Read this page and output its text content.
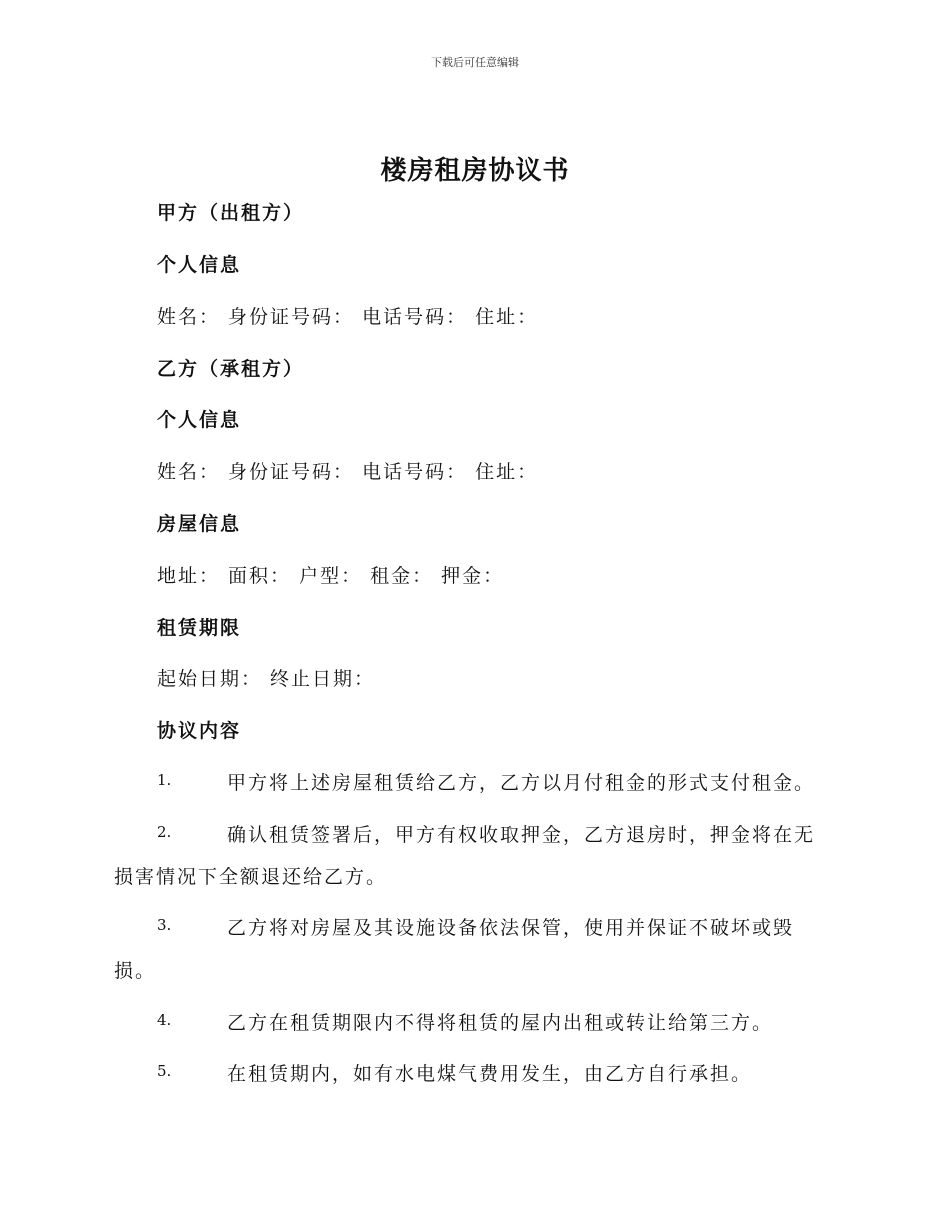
下载后可任意编辑
楼房租房协议书
甲方（出租方）
个人信息
姓名： 身份证号码： 电话号码： 住址：
乙方（承租方）
个人信息
姓名： 身份证号码： 电话号码： 住址：
房屋信息
地址： 面积： 户型： 租金： 押金：
租赁期限
起始日期： 终止日期：
协议内容
1.	甲方将上述房屋租赁给乙方，乙方以月付租金的形式支付租金。
2.	确认租赁签署后，甲方有权收取押金，乙方退房时，押金将在无
损害情况下全额退还给乙方。
3.	乙方将对房屋及其设施设备依法保管，使用并保证不破坏或毁
损。
4.	乙方在租赁期限内不得将租赁的屋内出租或转让给第三方。
5.	在租赁期内，如有水电煤气费用发生，由乙方自行承担。
